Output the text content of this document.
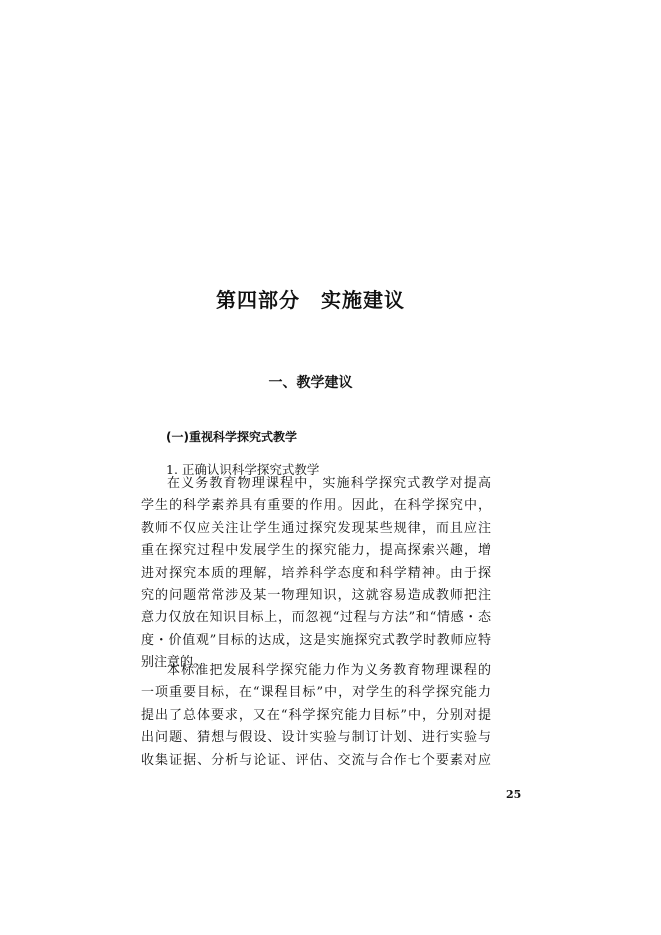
第四部分　实施建议
一、教学建议
(一)重视科学探究式教学
1. 正确认识科学探究式教学
在义务教育物理课程中，实施科学探究式教学对提高
学生的科学素养具有重要的作用。因此，在科学探究中，
教师不仅应关注让学生通过探究发现某些规律，而且应注
重在探究过程中发展学生的探究能力，提高探索兴趣，增
进对探究本质的理解，培养科学态度和科学精神。由于探
究的问题常常涉及某一物理知识，这就容易造成教师把注
意力仅放在知识目标上，而忽视“过程与方法”和“情感・态
度・价值观”目标的达成，这是实施探究式教学时教师应特
别注意的。
本标准把发展科学探究能力作为义务教育物理课程的
一项重要目标，在“课程目标”中，对学生的科学探究能力
提出了总体要求，又在“科学探究能力目标”中，分别对提
出问题、猜想与假设、设计实验与制订计划、进行实验与
收集证据、分析与论证、评估、交流与合作七个要素对应
25
